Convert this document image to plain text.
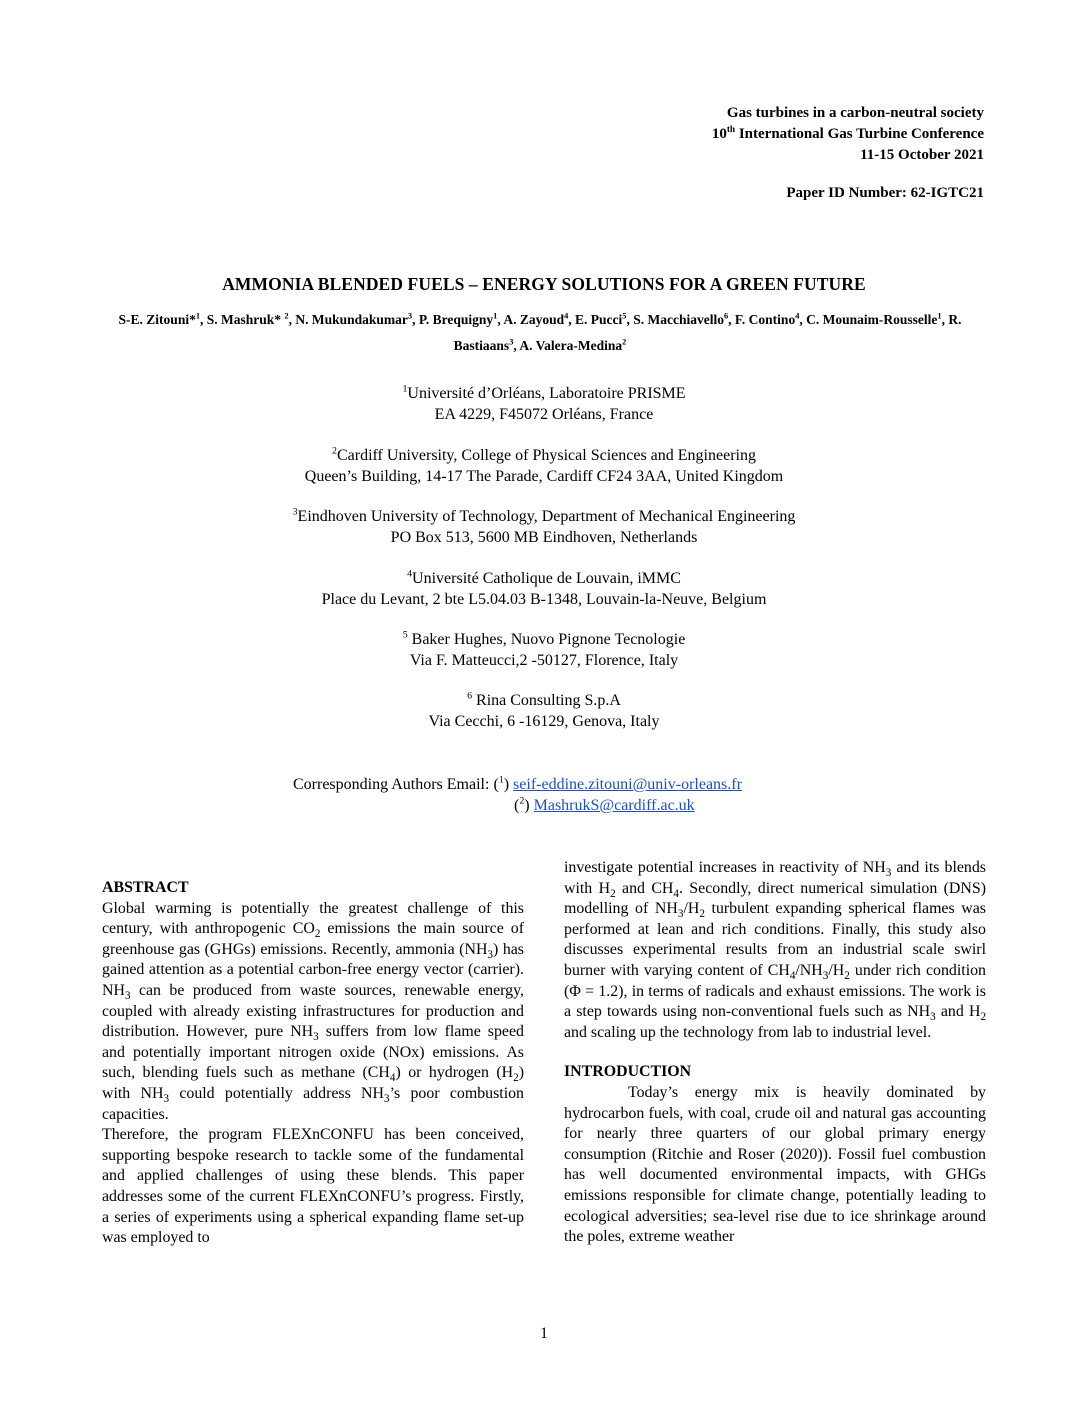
Gas turbines in a carbon-neutral society
10th International Gas Turbine Conference
11-15 October 2021
Paper ID Number: 62-IGTC21
AMMONIA BLENDED FUELS – ENERGY SOLUTIONS FOR A GREEN FUTURE
S-E. Zitouni*$^1$, S. Mashruk* $^2$, N. Mukundakumar$^3$, P. Brequigny$^1$, A. Zayoud$^4$, E. Pucci$^5$, S. Macchiavello$^6$, F. Contino$^4$, C. Mounaim-Rousselle$^1$, R. Bastiaans$^3$, A. Valera-Medina$^2$
$^1$Université d’Orléans, Laboratoire PRISME
EA 4229, F45072 Orléans, France
$^2$Cardiff University, College of Physical Sciences and Engineering
Queen’s Building, 14-17 The Parade, Cardiff CF24 3AA, United Kingdom
$^3$Eindhoven University of Technology, Department of Mechanical Engineering
PO Box 513, 5600 MB Eindhoven, Netherlands
$^4$Université Catholique de Louvain, iMMC
Place du Levant, 2 bte L5.04.03 B-1348, Louvain-la-Neuve, Belgium
$^5$ Baker Hughes, Nuovo Pignone Tecnologie
Via F. Matteucci,2 -50127, Florence, Italy
$^6$ Rina Consulting S.p.A
Via Cecchi, 6 -16129, Genova, Italy
Corresponding Authors Email: ($^1$) seif-eddine.zitouni@univ-orleans.fr
($^2$) MashrukS@cardiff.ac.uk
ABSTRACT

Global warming is potentially the greatest challenge of this century, with anthropogenic $CO_2$ emissions the main source of greenhouse gas (GHGs) emissions. Recently, ammonia $(NH_3)$ has gained attention as a potential carbon-free energy vector (carrier). $NH_3$ can be produced from waste sources, renewable energy, coupled with already existing infrastructures for production and distribution. However, pure $NH_3$ suffers from low flame speed and potentially important nitrogen oxide (NOx) emissions. As such, blending fuels such as methane $(CH_4)$ or hydrogen $(H_2)$ with $NH_3$ could potentially address $NH_3’s$ poor combustion capacities.

Therefore, the program FLEXnCONFU has been conceived, supporting bespoke research to tackle some of the fundamental and applied challenges of using these blends. This paper addresses some of the current FLEXnCONFU’s progress. Firstly, a series of experiments using a spherical expanding flame set-up was employed to

investigate potential increases in reactivity of $NH_3$ and its blends with $H_2$ and $CH_4$. Secondly, direct numerical simulation (DNS) modelling of $NH_3/H_2$ turbulent expanding spherical flames was performed at lean and rich conditions. Finally, this study also discusses experimental results from an industrial scale swirl burner with varying content of $CH_4/NH_3/H_2$ under rich condition (Φ = 1.2), in terms of radicals and exhaust emissions. The work is a step towards using non-conventional fuels such as $NH_3$ and $H_2$ and scaling up the technology from lab to industrial level.

INTRODUCTION

Today’s energy mix is heavily dominated by hydrocarbon fuels, with coal, crude oil and natural gas accounting for nearly three quarters of our global primary energy consumption (Ritchie and Roser (2020)). Fossil fuel combustion has well documented environmental impacts, with GHGs emissions responsible for climate change, potentially leading to ecological adversities; sea-level rise due to ice shrinkage around the poles, extreme weather

1
